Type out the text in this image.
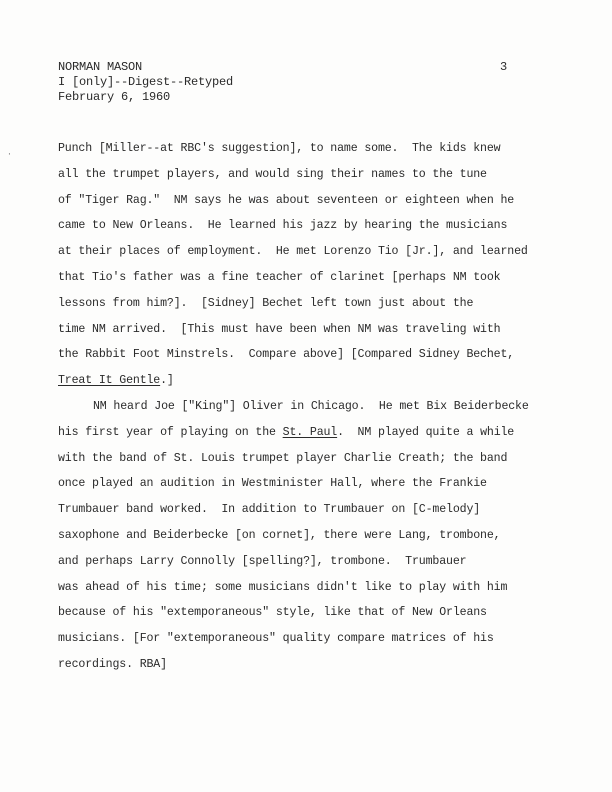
NORMAN MASON
I [only]--Digest--Retyped
February 6, 1960
3
∙	Punch [Miller--at RBC's suggestion], to name some.  The kids knew
all the trumpet players, and would sing their names to the tune
of "Tiger Rag."  NM says he was about seventeen or eighteen when he
came to New Orleans.  He learned his jazz by hearing the musicians
at their places of employment.  He met Lorenzo Tio [Jr.], and learned
that Tio's father was a fine teacher of clarinet [perhaps NM took
lessons from him?].  [Sidney] Bechet left town just about the
time NM arrived.  [This must have been when NM was traveling with
the Rabbit Foot Minstrels.  Compare above] [Compared Sidney Bechet,
Treat It Gentle.]
NM heard Joe ["King"] Oliver in Chicago.  He met Bix Beiderbecke
his first year of playing on the St. Paul.  NM played quite a while
with the band of St. Louis trumpet player Charlie Creath; the band
once played an audition in Westminister Hall, where the Frankie
Trumbauer band worked.  In addition to Trumbauer on [C-melody]
saxophone and Beiderbecke [on cornet], there were Lang, trombone,
and perhaps Larry Connolly [spelling?], trombone.  Trumbauer
was ahead of his time; some musicians didn't like to play with him
because of his "extemporaneous" style, like that of New Orleans
musicians. [For "extemporaneous" quality compare matrices of his
recordings. RBA]
